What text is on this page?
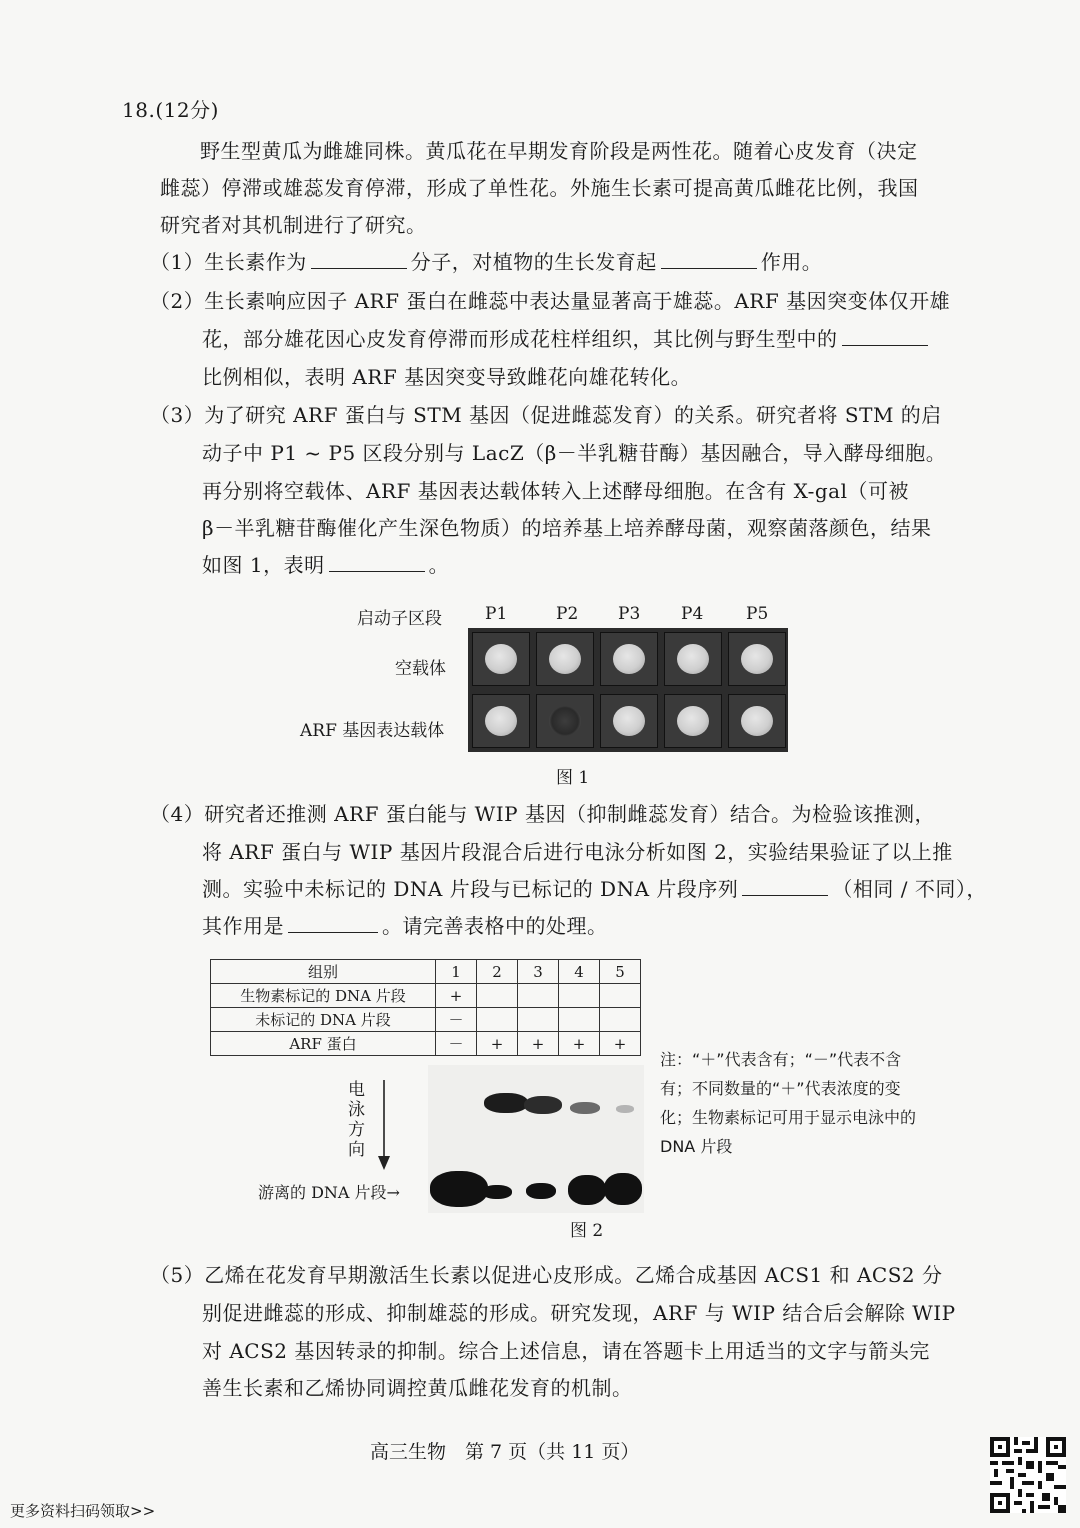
18.(12分)
野生型黄瓜为雌雄同株。黄瓜花在早期发育阶段是两性花。随着心皮发育（决定
雌蕊）停滞或雄蕊发育停滞，形成了单性花。外施生长素可提高黄瓜雌花比例，我国
研究者对其机制进行了研究。
（1）生长素作为	分子，对植物的生长发育起	作用。
（2）生长素响应因子 ARF 蛋白在雌蕊中表达量显著高于雄蕊。ARF 基因突变体仅开雄
花，部分雄花因心皮发育停滞而形成花柱样组织，其比例与野生型中的
比例相似，表明 ARF 基因突变导致雌花向雄花转化。
（3）为了研究 ARF 蛋白与 STM 基因（促进雌蕊发育）的关系。研究者将 STM 的启
动子中 P1 ~ P5 区段分别与 LacZ（β－半乳糖苷酶）基因融合，导入酵母细胞。
再分别将空载体、ARF 基因表达载体转入上述酵母细胞。在含有 X-gal（可被
β－半乳糖苷酶催化产生深色物质）的培养基上培养酵母菌，观察菌落颜色，结果
如图 1，表明	。
启动子区段	P1	P2 P3 P4	P5
空载体
ARF 基因表达载体
图 1
（4）研究者还推测 ARF 蛋白能与 WIP 基因（抑制雌蕊发育）结合。为检验该推测，
将 ARF 蛋白与 WIP 基因片段混合后进行电泳分析如图 2，实验结果验证了以上推
测。实验中未标记的 DNA 片段与已标记的 DNA 片段序列	（相同 / 不同），
其作用是	。请完善表格中的处理。
组别	1	2	3	4	5
生物素标记的 DNA 片段	+				
未标记的 DNA 片段	－				
ARF 蛋白	－	+	+	+	+
注：“＋”代表含有；“－”代表不含
有；不同数量的“＋”代表浓度的变
化；生物素标记可用于显示电泳中的
DNA 片段
电
泳
方
向
游离的 DNA 片段→
图 2
（5）乙烯在花发育早期激活生长素以促进心皮形成。乙烯合成基因 ACS1 和 ACS2 分
别促进雌蕊的形成、抑制雄蕊的形成。研究发现，ARF 与 WIP 结合后会解除 WIP
对 ACS2 基因转录的抑制。综合上述信息，请在答题卡上用适当的文字与箭头完
善生长素和乙烯协同调控黄瓜雌花发育的机制。
高三生物　第 7 页（共 11 页）
更多资料扫码领取>>
